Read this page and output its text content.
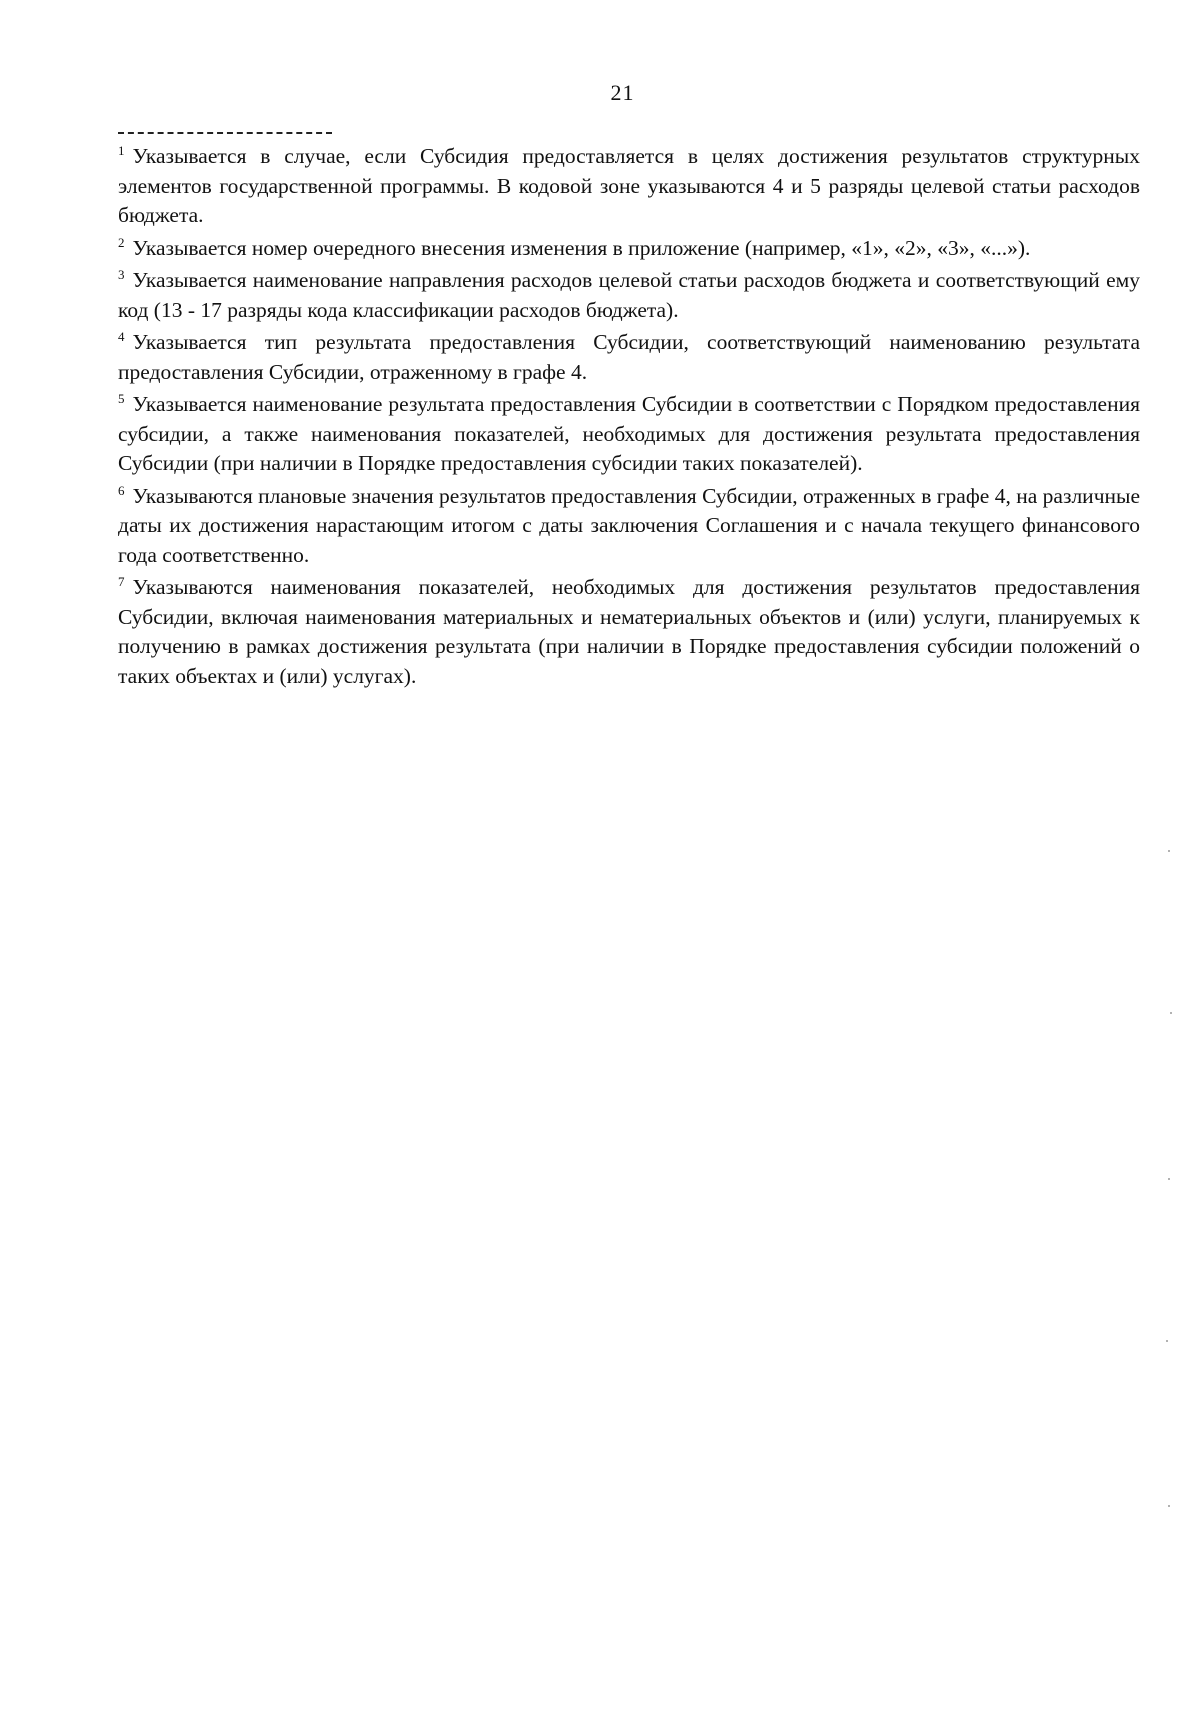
21

$^1$ Указывается в случае, если Субсидия предоставляется в целях достижения результатов структурных элементов государственной программы. В кодовой зоне указываются 4 и 5 разряды целевой статьи расходов бюджета.

$^2$ Указывается номер очередного внесения изменения в приложение (например, «1», «2», «3», «...»).

$^3$ Указывается наименование направления расходов целевой статьи расходов бюджета и соответствующий ему код (13 - 17 разряды кода классификации расходов бюджета).

$^4$ Указывается тип результата предоставления Субсидии, соответствующий наименованию результата предоставления Субсидии, отраженному в графе 4.

$^5$ Указывается наименование результата предоставления Субсидии в соответствии с Порядком предоставления субсидии, а также наименования показателей, необходимых для достижения результата предоставления Субсидии (при наличии в Порядке предоставления субсидии таких показателей).

$^6$ Указываются плановые значения результатов предоставления Субсидии, отраженных в графе 4, на различные даты их достижения нарастающим итогом с даты заключения Соглашения и с начала текущего финансового года соответственно.

$^7$ Указываются наименования показателей, необходимых для достижения результатов предоставления Субсидии, включая наименования материальных и нематериальных объектов и (или) услуги, планируемых к получению в рамках достижения результата (при наличии в Порядке предоставления субсидии положений о таких объектах и (или) услугах).
